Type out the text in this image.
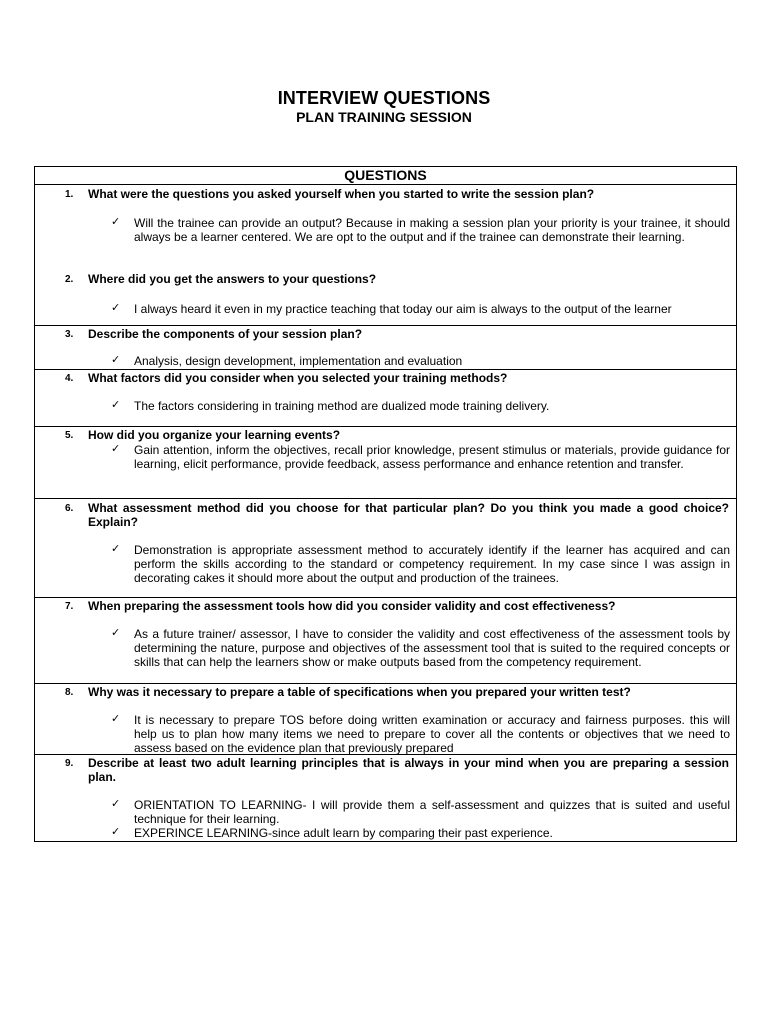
INTERVIEW QUESTIONS
PLAN TRAINING SESSION
QUESTIONS
1. What were the questions you asked yourself when you started to write the session plan?
✓ Will the trainee can provide an output? Because in making a session plan your priority is your trainee, it should always be a learner centered. We are opt to the output and if the trainee can demonstrate their learning.
2. Where did you get the answers to your questions?
✓ I always heard it even in my practice teaching that today our aim is always to the output of the learner
3. Describe the components of your session plan?
✓ Analysis, design development, implementation and evaluation
4. What factors did you consider when you selected your training methods?
✓ The factors considering in training method are dualized mode training delivery.
5. How did you organize your learning events?
✓ Gain attention, inform the objectives, recall prior knowledge, present stimulus or materials, provide guidance for learning, elicit performance, provide feedback, assess performance and enhance retention and transfer.
6. What assessment method did you choose for that particular plan? Do you think you made a good choice? Explain?
✓ Demonstration is appropriate assessment method to accurately identify if the learner has acquired and can perform the skills according to the standard or competency requirement. In my case since I was assign in decorating cakes it should more about the output and production of the trainees.
7. When preparing the assessment tools how did you consider validity and cost effectiveness?
✓ As a future trainer/ assessor, I have to consider the validity and cost effectiveness of the assessment tools by determining the nature, purpose and objectives of the assessment tool that is suited to the required concepts or skills that can help the learners show or make outputs based from the competency requirement.
8. Why was it necessary to prepare a table of specifications when you prepared your written test?
✓ It is necessary to prepare TOS before doing written examination or accuracy and fairness purposes. this will help us to plan how many items we need to prepare to cover all the contents or objectives that we need to assess based on the evidence plan that previously prepared
9. Describe at least two adult learning principles that is always in your mind when you are preparing a session plan.
✓ ORIENTATION TO LEARNING- I will provide them a self-assessment and quizzes that is suited and useful technique for their learning.
✓ EXPERINCE LEARNING-since adult learn by comparing their past experience.
